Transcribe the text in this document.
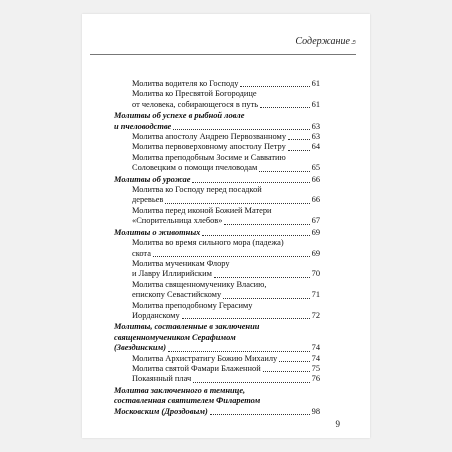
Содержание೨
Молитва водителя ко Господу	61
Молитва ко Пресвятой Богородице
от человека, собирающегося в путь	61
Молитвы об успехе в рыбной ловле
и пчеловодстве	63
Молитва апостолу Андрею Первозванному	63
Молитва первоверховному апостолу Петру	64
Молитва преподобным Зосиме и Савватию
Соловецким о помощи пчеловодам	65
Молитвы об урожае	66
Молитва ко Господу перед посадкой
деревьев	66
Молитва перед иконой Божией Матери
«Спорительница хлебов»	67
Молитвы о животных	69
Молитва во время сильного мора (падежа)
скота	69
Молитва мученикам Флору
и Лавру Иллирийским	70
Молитва священномученику Власию,
епископу Севастийскому	71
Молитва преподобному Герасиму
Иорданскому	72
Молитвы, составленные в заключении
священномучеником Серафимом
(Звездинским)	74
Молитва Архистратигу Божию Михаилу	74
Молитва святой Фамари Блаженной	75
Покаянный плач	76
Молитва заключенного в темнице,
составленная святителем Филаретом
Московским (Дроздовым)	98
9
